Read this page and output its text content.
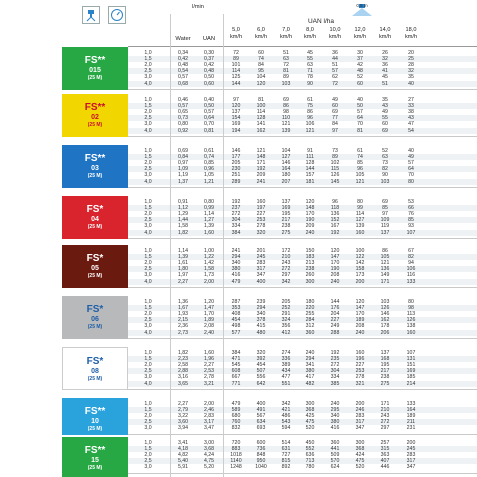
l/min
UAN l/ha
0,5 m
Water	UAN
5,0
km/h
6,0
km/h
7,0
km/h
8,0
km/h
10,0
km/h
12,0
km/h
14,0
km/h
18,0
km/h
FS**
015
(25 M)
1,0	0,34	0,30	72	60	51	45	36	30	26	20
1,5	0,42	0,37	89	74	63	55	44	37	32	25
2,0	0,48	0,42	101	84	72	63	51	42	36	28
2,5	0,54	0,48	114	95	81	71	57	48	41	32
3,0	0,57	0,50	125	104	89	78	62	52	45	35
4,0	0,68	0,60	144	120	103	90	72	60	51	40
FS**
02
(25 M)
1,0	0,46	0,40	97	81	69	61	49	40	35	27
1,5	0,57	0,50	120	100	86	75	60	50	43	33
2,0	0,65	0,57	137	114	98	86	69	57	49	38
2,5	0,73	0,64	154	128	110	96	77	64	55	43
3,0	0,80	0,70	169	141	121	106	84	70	60	47
4,0	0,92	0,81	194	162	139	121	97	81	69	54
FS**
03
(25 M)
1,0	0,69	0,61	146	121	104	91	73	61	52	40
1,5	0,84	0,74	177	148	127	111	89	74	63	49
2,0	0,97	0,85	205	171	146	128	102	85	73	57
2,5	1,09	0,96	230	192	164	144	115	96	82	64
3,0	1,19	1,05	251	209	180	157	126	105	90	70
4,0	1,37	1,21	289	241	207	181	145	121	103	80
FS*
04
(25 M)
1,0	0,91	0,80	192	160	137	120	96	80	69	53
1,5	1,12	0,99	237	197	169	148	118	99	85	66
2,0	1,29	1,14	272	227	195	170	136	114	97	76
2,5	1,44	1,27	304	253	217	190	152	127	109	85
3,0	1,58	1,39	334	278	238	209	167	139	119	93
4,0	1,82	1,60	384	320	275	240	192	160	137	107
FS*
05
(25 M)
1,0	1,14	1,00	241	201	172	150	120	100	86	67
1,5	1,39	1,22	294	245	210	183	147	122	105	82
2,0	1,61	1,42	340	283	243	213	170	142	121	94
2,5	1,80	1,58	380	317	272	238	190	158	136	106
3,0	1,97	1,73	416	347	297	260	208	173	149	116
4,0	2,27	2,00	479	400	342	300	240	200	171	133
FS*
06
(25 M)
1,0	1,36	1,20	287	239	205	180	144	120	103	80
1,5	1,67	1,47	353	294	252	220	176	147	126	98
2,0	1,93	1,70	408	340	291	255	204	170	146	113
2,5	2,15	1,89	454	378	324	284	227	189	162	126
3,0	2,36	2,08	498	415	356	312	249	208	178	138
4,0	2,73	2,40	577	480	412	360	288	240	206	160
FS*
08
(25 M)
1,0	1,82	1,60	384	320	274	240	192	160	137	107
1,5	2,23	1,96	471	392	336	294	235	196	168	131
2,0	2,58	2,27	545	454	389	341	272	227	195	151
2,5	2,88	2,53	608	507	434	380	304	253	217	169
3,0	3,16	2,78	667	556	477	417	334	278	238	185
4,0	3,65	3,21	771	642	551	482	385	321	275	214
FS**
10
(25 M)
1,0	2,27	2,00	479	400	342	300	240	200	171	133
1,5	2,79	2,46	589	491	421	368	295	246	210	164
2,0	3,22	2,83	680	567	486	425	340	283	243	189
2,5	3,60	3,17	760	634	543	475	380	317	272	211
3,0	3,94	3,47	832	693	594	520	416	347	297	231
FS**
15
(25 M)
1,0	3,41	3,00	720	600	514	450	360	300	257	200
1,5	4,18	3,68	883	736	631	552	441	368	315	245
2,0	4,82	4,24	1018	848	727	636	509	424	363	283
2,5	5,40	4,75	1140	950	815	713	570	475	407	317
3,0	5,91	5,20	1248	1040	892	780	624	520	446	347
